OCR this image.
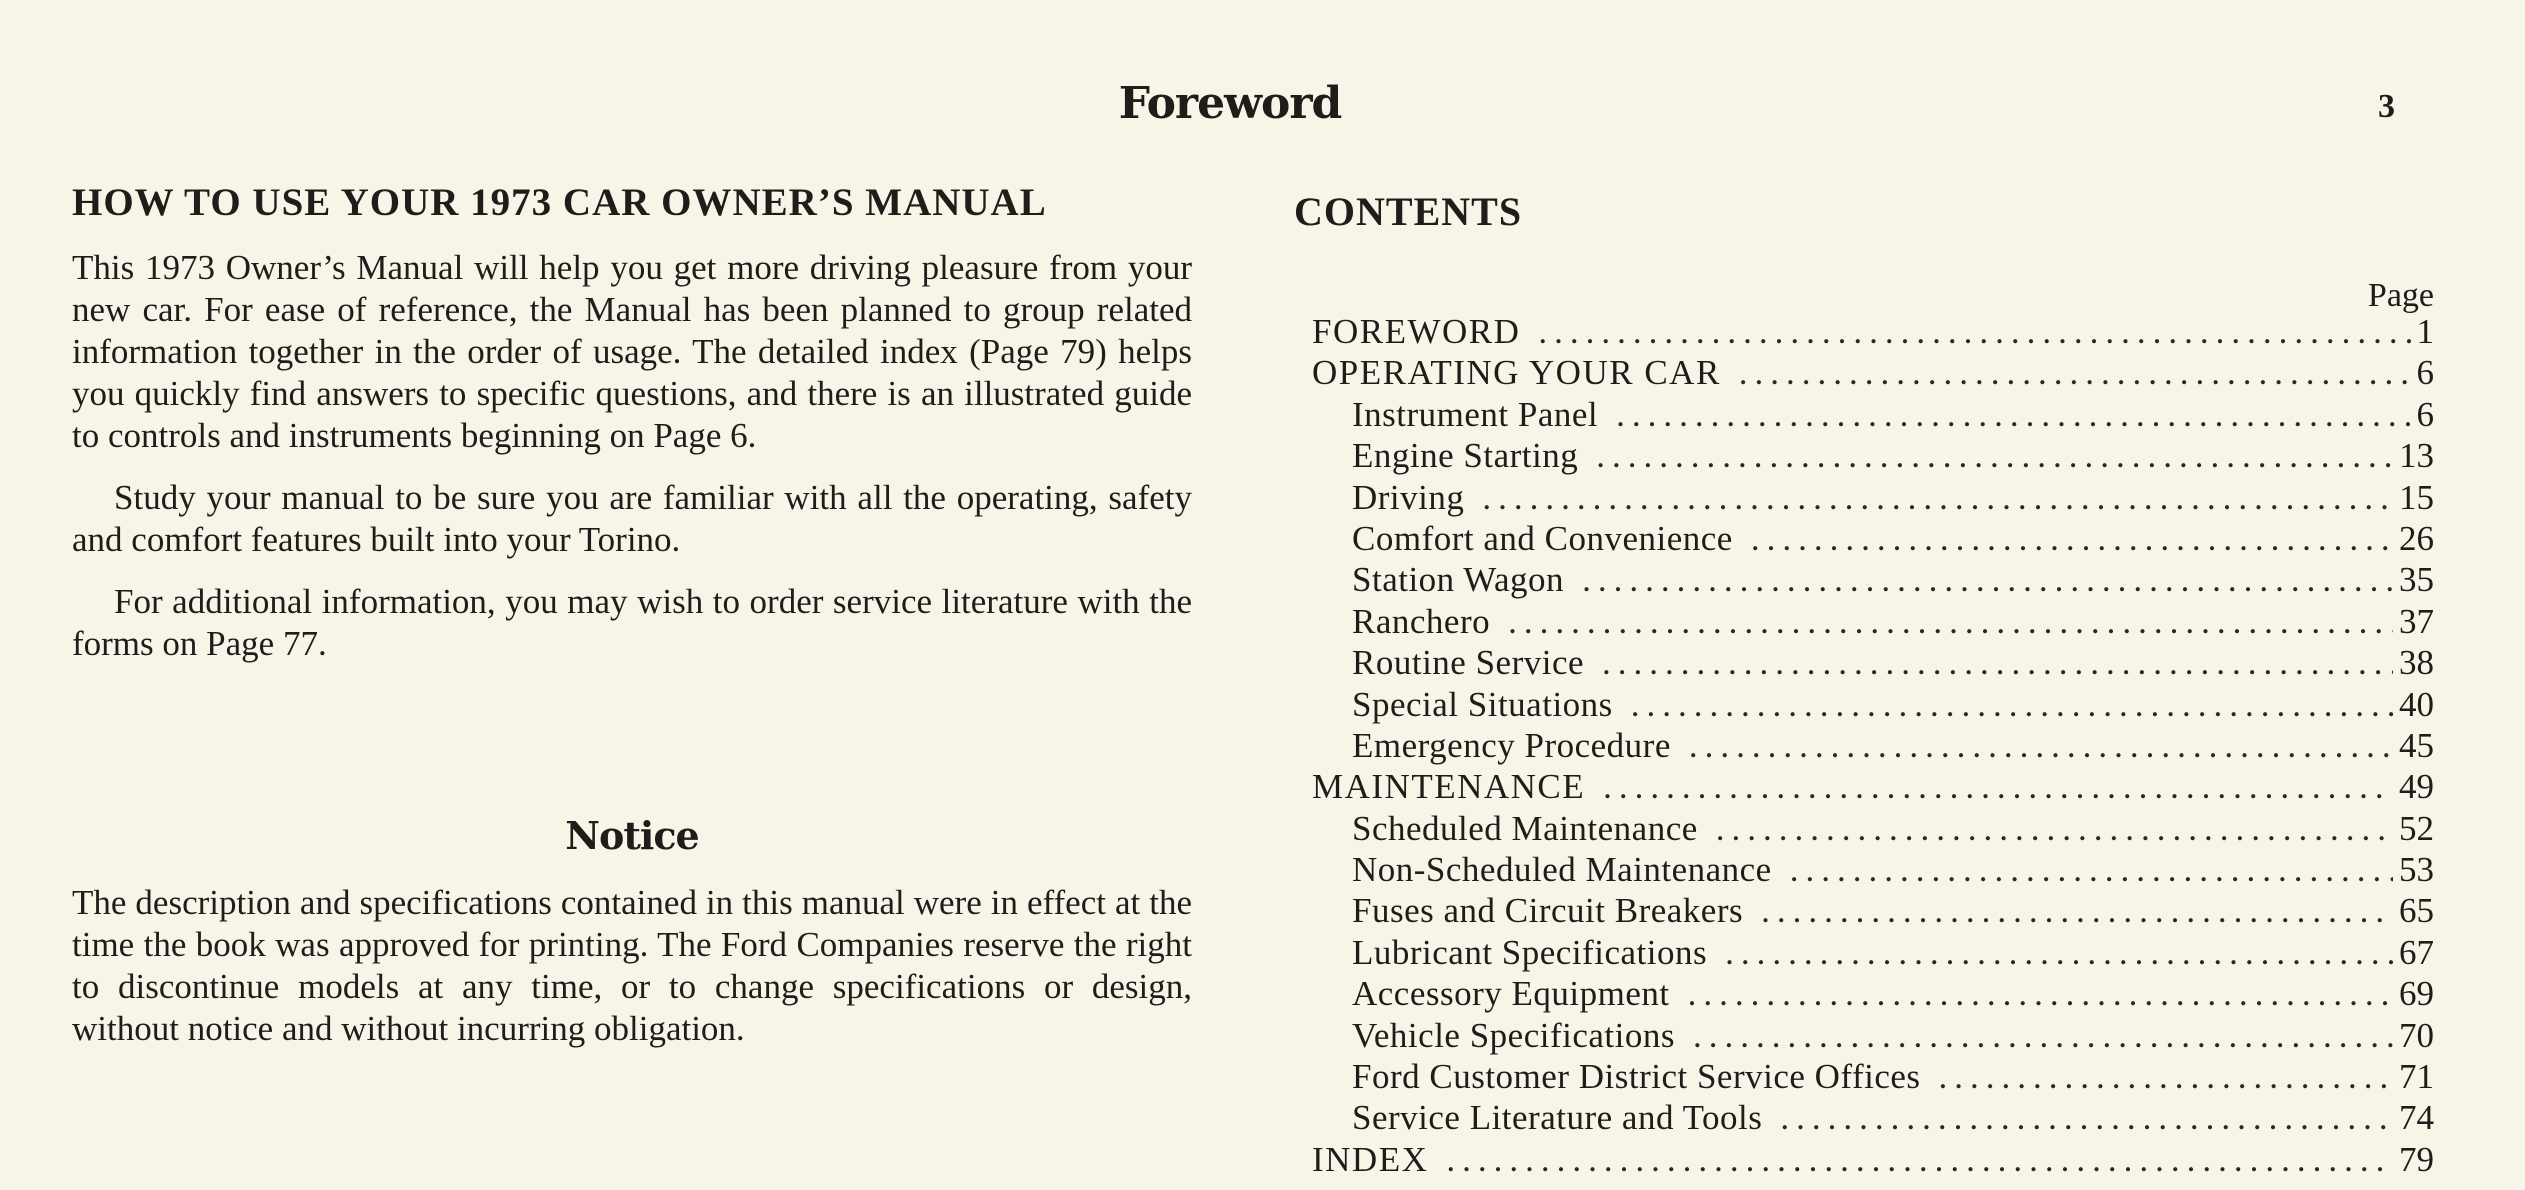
Foreword	3
HOW TO USE YOUR 1973 CAR OWNER’S MANUAL

This 1973 Owner’s Manual will help you get more driving pleasure from your new car. For ease of reference, the Manual has been planned to group related information together in the order of usage. The detailed index (Page 79) helps you quickly find answers to specific questions, and there is an illustrated guide to controls and instruments beginning on Page 6.

Study your manual to be sure you are familiar with all the operating, safety and comfort features built into your Torino.

For additional information, you may wish to order service literature with the forms on Page 77.

Notice

The description and specifications contained in this manual were in effect at the time the book was approved for printing. The Ford Companies reserve the right to discontinue models at any time, or to change specifications or design, without notice and without incurring obligation.

CONTENTS
Page
FOREWORD .....	1
OPERATING YOUR CAR .....	6
Instrument Panel .....	6
Engine Starting .....	13
Driving .....	15
Comfort and Convenience .....	26
Station Wagon .....	35
Ranchero .....	37
Routine Service .....	38
Special Situations .....	40
Emergency Procedure .....	45
MAINTENANCE .....	49
Scheduled Maintenance .....	52
Non-Scheduled Maintenance .....	53
Fuses and Circuit Breakers .....	65
Lubricant Specifications .....	67
Accessory Equipment .....	69
Vehicle Specifications .....	70
Ford Customer District Service Offices .....	71
Service Literature and Tools .....	74
INDEX .....	79
